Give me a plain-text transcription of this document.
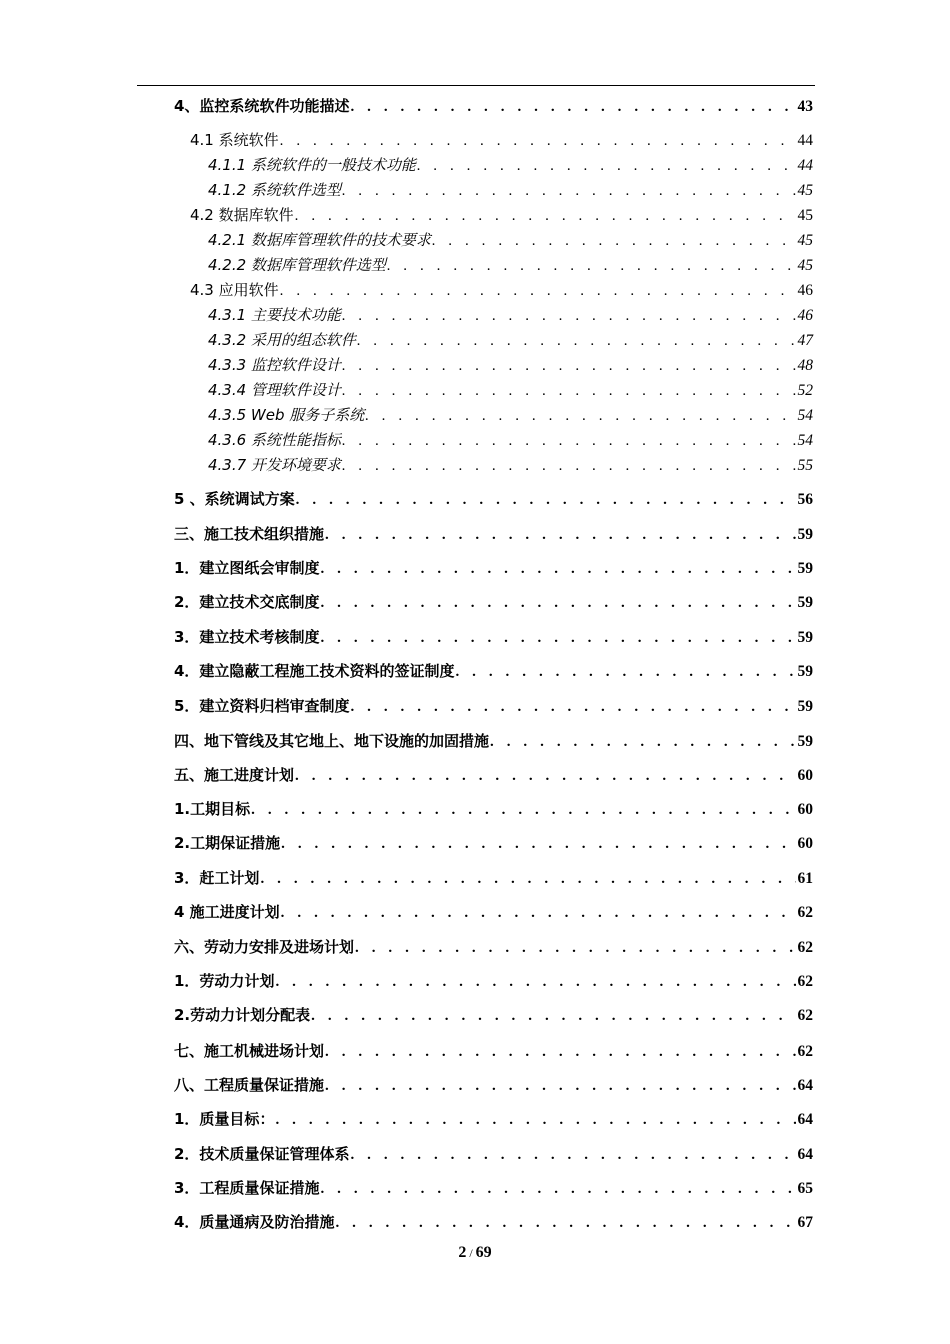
4、监控系统软件功能描述 . . .	43
4.1 系统软件 . . .	44
4.1.1 系统软件的一般技术功能 . . .	44
4.1.2 系统软件选型 . . .	45
4.2 数据库软件 . . .	45
4.2.1 数据库管理软件的技术要求 . . .	45
4.2.2 数据库管理软件选型 . . .	45
4.3 应用软件 . . .	46
4.3.1 主要技术功能 . . .	46
4.3.2 采用的组态软件 . . .	47
4.3.3 监控软件设计 . . .	48
4.3.4 管理软件设计 . . .	52
4.3.5 Web 服务子系统 . . .	54
4.3.6 系统性能指标 . . .	54
4.3.7 开发环境要求 . . .	55
5 、系统调试方案 . . .	56
三、施工技术组织措施 . . .	59
1．建立图纸会审制度 . . .	59
2．建立技术交底制度 . . .	59
3．建立技术考核制度 . . .	59
4．建立隐蔽工程施工技术资料的签证制度 . . .	59
5．建立资料归档审查制度 . . .	59
四、地下管线及其它地上、地下设施的加固措施 . . .	59
五、施工进度计划 . . .	60
1.工期目标 . . .	60
2.工期保证措施 . . .	60
3．赶工计划 . . .	61
4 施工进度计划 . . .	62
六、劳动力安排及进场计划 . . .	62
1．劳动力计划 . . .	62
2.劳动力计划分配表 . . .	62
七、施工机械进场计划 . . .	62
八、工程质量保证措施 . . .	64
1．质量目标： . . .	64
2．技术质量保证管理体系 . . .	64
3．工程质量保证措施 . . .	65
4．质量通病及防治措施 . . .	67
2 / 69
